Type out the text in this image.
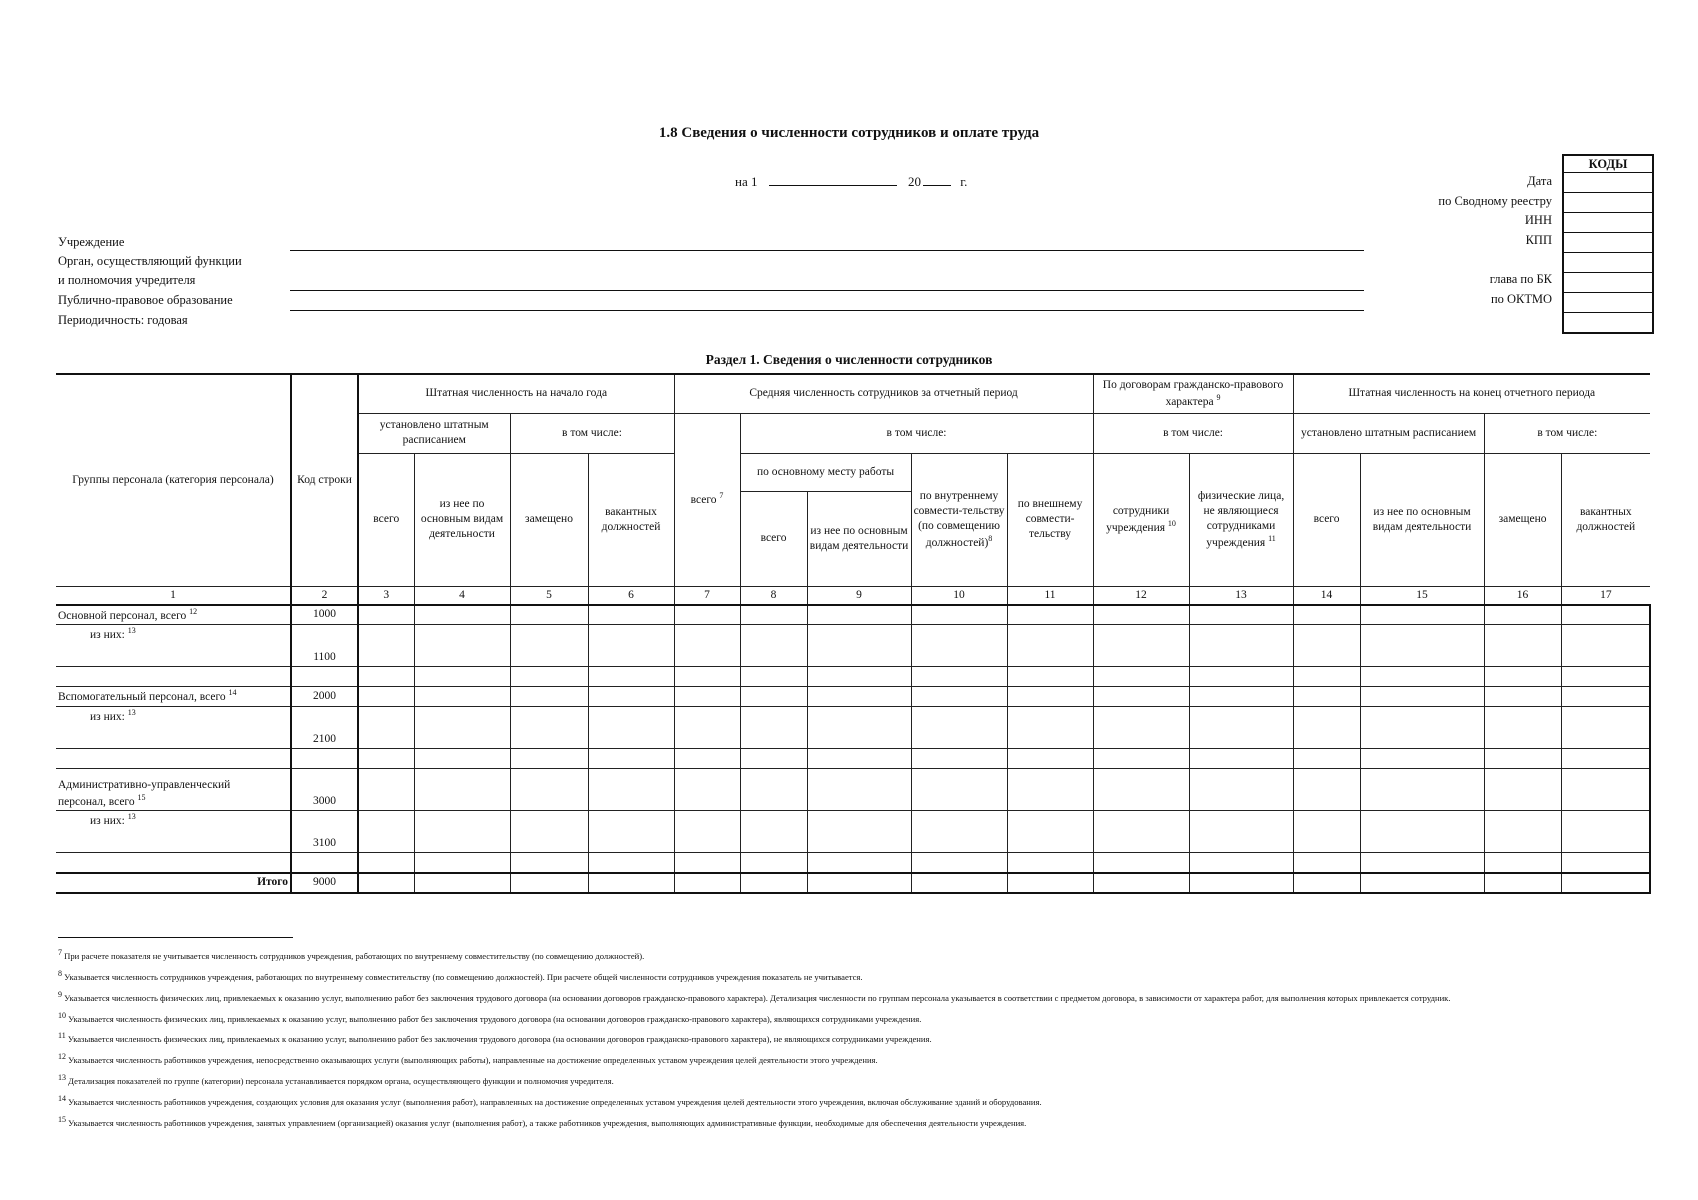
1.8 Сведения о численности сотрудников и оплате труда
на 1	20	г.
КОДЫ
Дата
по Сводному реестру
ИНН
КПП
глава по БК
по ОКТМО
Учреждение
Орган, осуществляющий функции
и полномочия учредителя
Публично-правовое образование
Периодичность: годовая
Раздел 1. Сведения о численности сотрудников
Группы персонала (категория персонала)	Код строки	Штатная численность на начало года				Средняя численность сотрудников за отчетный период					По договорам гражданско-правового характера $^9$		Штатная численность на конец отчетного периода			
		установлено штатным расписанием		в том числе:		всего $^7$	в том числе:				в том числе:		установлено штатным расписанием		в том числе:	
		всего	из нее по основным видам деятельности	замещено	вакантных должностей		по основному месту работы		по внутреннему совмести-тельству (по совмещению должностей)$^8$	по внешнему совмести-тельству	сотрудники учреждения $^{10}$	физические лица, не являющиеся сотрудниками учреждения $^{11}$	всего	из нее по основным видам деятельности	замещено	вакантных должностей
							всего	из нее по основным видам деятельности								
1	2	3	4	5	6	7	8	9	10	11	12	13	14	15	16	17
Основной персонал, всего $^{12}$	1000															
из них: $^{13}$	1100															

Вспомогательный персонал, всего $^{14}$	2000															
из них: $^{13}$	2100															

Административно-управленческий
персонал, всего $^{15}$	3000															
из них: $^{13}$	3100															

Итого	9000															
$^7$ При расчете показателя не учитывается численность сотрудников учреждения, работающих по внутреннему совместительству (по совмещению должностей).
$^8$ Указывается численность сотрудников учреждения, работающих по внутреннему совместительству (по совмещению должностей). При расчете общей численности сотрудников учреждения показатель не учитывается.
$^9$ Указывается численность физических лиц, привлекаемых к оказанию услуг, выполнению работ без заключения трудового договора (на основании договоров гражданско-правового характера). Детализация численности по группам персонала указывается в соответствии с предметом договора, в зависимости от характера работ, для выполнения которых привлекается сотрудник.
$^{10}$ Указывается численность физических лиц, привлекаемых к оказанию услуг, выполнению работ без заключения трудового договора (на основании договоров гражданско-правового характера), являющихся сотрудниками учреждения.
$^{11}$ Указывается численность физических лиц, привлекаемых к оказанию услуг, выполнению работ без заключения трудового договора (на основании договоров гражданско-правового характера), не являющихся сотрудниками учреждения.
$^{12}$ Указывается численность работников учреждения, непосредственно оказывающих услуги (выполняющих работы), направленные на достижение определенных уставом учреждения целей деятельности этого учреждения.
$^{13}$ Детализация показателей по группе (категории) персонала устанавливается порядком органа, осуществляющего функции и полномочия учредителя.
$^{14}$ Указывается численность работников учреждения, создающих условия для оказания услуг (выполнения работ), направленных на достижение определенных уставом учреждения целей деятельности этого учреждения, включая обслуживание зданий и оборудования.
$^{15}$ Указывается численность работников учреждения, занятых управлением (организацией) оказания услуг (выполнения работ), а также работников учреждения, выполняющих административные функции, необходимые для обеспечения деятельности учреждения.
